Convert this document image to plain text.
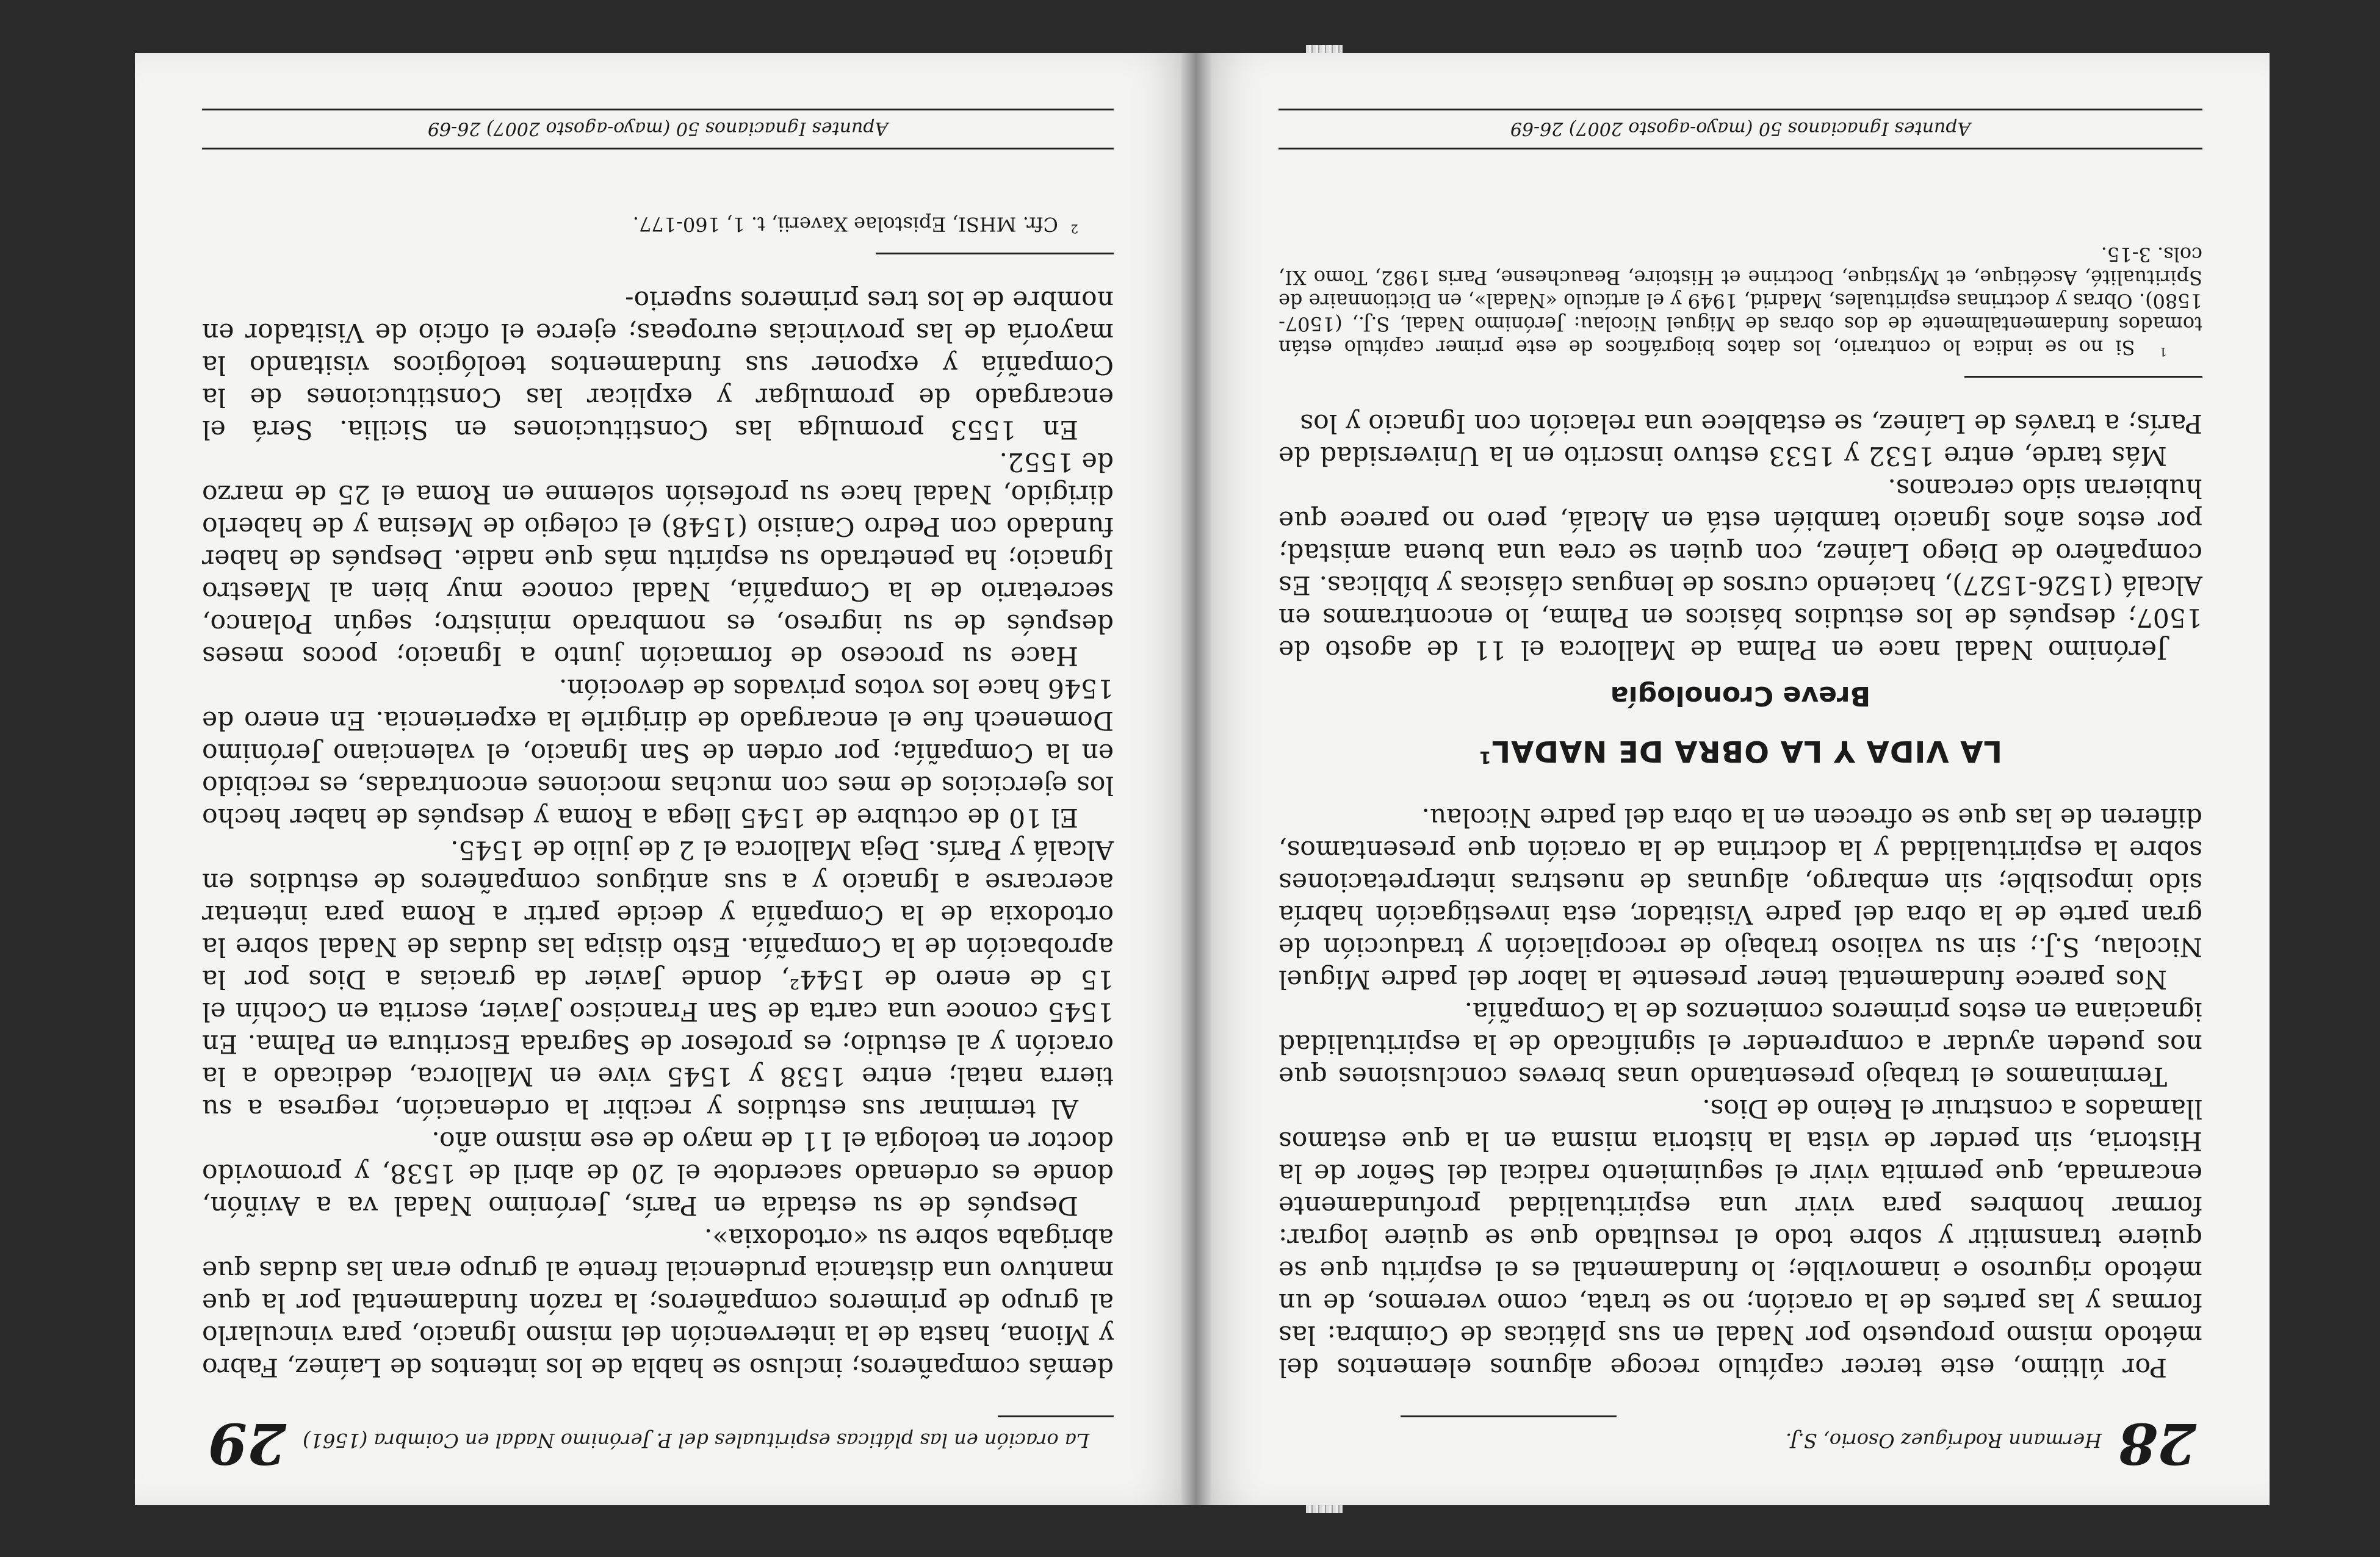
28
Hermann Rodríguez Osorio, S.J.

Por último, este tercer capítulo recoge algunos elementos del método mismo propuesto por Nadal en sus pláticas de Coimbra: las formas y las partes de la oración; no se trata, como veremos, de un método riguroso e inamovible; lo fundamental es el espíritu que se quiere transmitir y sobre todo el resultado que se quiere lograr: formar hombres para vivir una espiritualidad profundamente encarnada, que permita vivir el seguimiento radical del Señor de la Historia, sin perder de vista la historia misma en la que estamos llamados a construir el Reino de Dios.

Terminamos el trabajo presentando unas breves conclusiones que nos pueden ayudar a comprender el significado de la espiritualidad ignaciana en estos primeros comienzos de la Compañía.

Nos parece fundamental tener presente la labor del padre Miguel Nicolau, S.J.; sin su valioso trabajo de recopilación y traducción de gran parte de la obra del padre Visitador, esta investigación habría sido imposible; sin embargo, algunas de nuestras interpretaciones sobre la espiritualidad y la doctrina de la oración que presentamos, difieren de las que se ofrecen en la obra del padre Nicolau.

LA VIDA Y LA OBRA DE NADAL$^1$
Breve Cronología

Jerónimo Nadal nace en Palma de Mallorca el 11 de agosto de 1507; después de los estudios básicos en Palma, lo encontramos en Alcalá (1526-1527), haciendo cursos de lenguas clásicas y bíblicas. Es compañero de Diego Laínez, con quien se crea una buena amistad; por estos años Ignacio también está en Alcalá, pero no parece que hubieran sido cercanos.

Más tarde, entre 1532 y 1533 estuvo inscrito en la Universidad de París; a través de Laínez, se establece una relación con Ignacio y los

$^1$  Si no se indica lo contrario, los datos biográficos de este primer capítulo están tomados fundamentalmente de dos obras de Miguel Nicolau: Jerónimo Nadal, S.J., (1507-1580). Obras y doctrinas espirituales, Madrid, 1949 y el artículo «Nadal», en Dictionnaire de Spiritualité, Ascétique, et Mystique, Doctrine et Histoire, Beauchesne, Paris 1982, Tomo XI, cols. 3-15.

Apuntes Ignacianos 50 (mayo-agosto 2007) 26-69
La oración en las pláticas espirituales del P. Jerónimo Nadal en Coimbra (1561)
29

demás compañeros; incluso se habla de los intentos de Laínez, Fabro y Miona, hasta de la intervención del mismo Ignacio, para vincularlo al grupo de primeros compañeros; la razón fundamental por la que mantuvo una distancia prudencial frente al grupo eran las dudas que abrigaba sobre su «ortodoxia».

Después de su estadía en París, Jerónimo Nadal va a Aviñón, donde es ordenado sacerdote el 20 de abril de 1538, y promovido doctor en teología el 11 de mayo de ese mismo año.

Al terminar sus estudios y recibir la ordenación, regresa a su tierra natal; entre 1538 y 1545 vive en Mallorca, dedicado a la oración y al estudio; es profesor de Sagrada Escritura en Palma. En 1545 conoce una carta de San Francisco Javier, escrita en Cochín el 15 de enero de 1544², donde Javier da gracias a Dios por la aprobación de la Compañía. Esto disipa las dudas de Nadal sobre la ortodoxia de la Compañía y decide partir a Roma para intentar acercarse a Ignacio y a sus antiguos compañeros de estudios en Alcalá y París. Deja Mallorca el 2 de julio de 1545.

El 10 de octubre de 1545 llega a Roma y después de haber hecho los ejercicios de mes con muchas mociones encontradas, es recibido en la Compañía; por orden de San Ignacio, el valenciano Jerónimo Domenech fue el encargado de dirigirle la experiencia. En enero de 1546 hace los votos privados de devoción.

Hace su proceso de formación junto a Ignacio; pocos meses después de su ingreso, es nombrado ministro; según Polanco, secretario de la Compañía, Nadal conoce muy bien al Maestro Ignacio; ha penetrado su espíritu más que nadie. Después de haber fundado con Pedro Canisio (1548) el colegio de Mesina y de haberlo dirigido, Nadal hace su profesión solemne en Roma el 25 de marzo de 1552.

En 1553 promulga las Constituciones en Sicilia. Será el encargado de promulgar y explicar las Constituciones de la Compañía y exponer sus fundamentos teológicos visitando la mayoría de las provincias europeas; ejerce el oficio de Visitador en nombre de los tres primeros superio-

$^2$  Cfr. MHSI, Epistolae Xaverii, t. 1, 160-177.

Apuntes Ignacianos 50 (mayo-agosto 2007) 26-69
